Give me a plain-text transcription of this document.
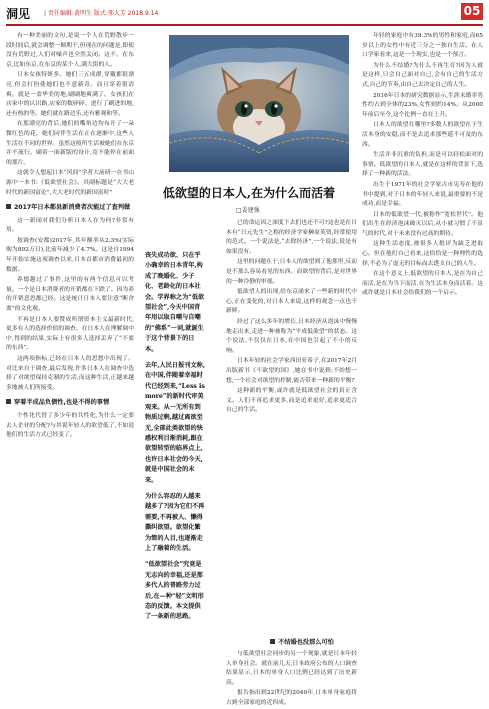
洞见 | 责任编辑:黄明生 版式:邢大芳 2018.9.14	05

有一种美丽的文句,是说一个人在荒野散步一段时间后,就会调整一顺期不,但现在的问题是,即使没有荒野过,人们对噪声也全然关闭。这不。在东京,比如东京,在东京的某个人,满大街的人。

日本女孩特妍多。她们三五成群,穿戴都很漂亮,但会打扮使她们也不意新奇。而且穿着很清爽。就是一盖华美的地,刷刷地爽满了。女孩们在店家中的认识路,店家的数碎碎。进行了刷进的地,还有热的等。她们就在路边乐,还有雅观和等。

在那漂亮的背后,她们的嘴角边均布开了一朵微红色的花。她们同伴生活在正在逐渐中,这些人生活在不同的世界。虽然这般所生活被她们在东京并不流行。刷着一面新版的设计,竟不能停在前面的那片。

这就令人想起日本“风间”学者大前研一在书山源中一本书:《低欲望社会》。其副标题是“大大老时代的新国富论”,大大老时代的新国富时”

2017年日本都县新消费者次能过了查判做

这一新闻对我们分析日本人在为何?非常有用。

按调查(安都)2017年,其年额率从2.3%(实际购为892万日),比前年减少了4.7%。这是自1994年开始实施这项调查以来,日本首都市消费最初的数据。

养德越过了事件,这里的有两个信息可以考量。一个是日本消费者的开销都在下跌了。因为养的开销意思都已经。这是统计日本人要注意“断舍离”的文化观。

不再是日本人要赞成所谓资本主义最新时代,更多有人的选择价值的调查、在日本人在理解调中中,得到的结果,实际上有很多人选择丢弃了“不要的东西”。

这两项指标,已经在日本人的思想中出现了。对比来自于调查,最后发现,许多日本人在调查中选择了对欲望保持克制的生活,而这种生活,正越来越多地被人们所接受。

穿着半成品负债性,也是不得的事情

个性化代替了多少年的共性化,为什么一定要去人企业的分配?与其说年轻人的欲望低了,不如说他们的生活方式已经变了。

低欲望的日本人,在为什么而活着
□姜建强

丧失成功欲、只在乎小确幸的日本青年,构成了晚婚化、少子化、老龄化的日本社会。学界称之为“低欲望社会”,今天中国青年用以取自嘲与自嘲的“佛系”一词,就诞生于这个背景下的日本。

去年,人民日报刊文称,在中国,伴随着幸福时代已经到来,“Less is more”的新时代审美观来。从一无所有到物质过剩,越过离欲至无,全部此类欲望的快感权利目渐消耗,跟在欲望转型的临界点上,也许日本社会的今天,就是中国社会的未来。

为什么容忍的人越来越多了?因为它们不再需要,不再被人、懒得撕纠欲望。欲望化繁为简的人目,也逐渐走上了融着的生活。

“低欲望社会”究竟是无志向的幸福,还是那多代人的普路劳力过后,在—种“轻”文明形态的反馈。本文提供了一条新的思路。

已的命运因之深度下去们也还不可?这也是在日本有“日元先生”之称的经济学家榊原英资,经常使用的范式。一个说法是,“去除经济”,一个说法,说是有如果没有。

这里的问题在于,日本人的欲望到了他那里,反而是不那么容易看见的东西。而欲望的背后,是对世界的一种冷静的审视。

低欲望人的出现,给东京涌来了一些新的时代中心,正在变化的,对日本人来说,这样的观念一点也不新鲜。

经过了这么多年的增长,日本经济从泡沫中慢慢地走出来,走进一种被称为“平成低欲望”的状态。这个说法,不仅仅在日本,在中国也引起了不小的反响。

日本年轻的社会学家西田亚希子,在2017年2月出版新书《不欲望的国》,她在书中说到:不妨想一想,一个社会对欲望的控制,能否带来一种新的平衡?

这种新的平衡,或许就是低欲望社会的真正含义。人们不再追求更多,而是追求更好,追求更适合自己的生活。

不结婚也没那么可怕

与低欲望社会同步的另一个现象,就是日本年轻人单身社会。就在前几天,日本政府公布的人口调查结果显示,日本的单身人口比例已经达到了历史新高。

报告指出到22世纪的2040年,日本单身家庭将占到全部家庭的近四成。

年轻的家庭中有39.3%的男性和家庭,而65岁以上的女性中有近三分之一独自生活。在人口学家看来,这是一个现实,也是一个预言。

为什么不结婚?为什么不再生育?因为人就是这样,只会自己面对自己,会有自己的生活方式,自己的节奏,由自己去决定自己的人生。

2016年日本的研究数据显示,生涯未婚率男性约占到全体的23%,女性则约14%。从2000年前后至今,这个比例一直在上升。

日本人的欲望在哪里?多数人的欲望在于生活本身的安稳,而不是去追求那些遥不可及的东西。

生活并非沉重的负担,而是可以轻松面对的事情。低欲望的日本人,就是在这样的背景下,选择了一种新的活法。

出生于1971年的社会学家古市宪寿在他的书中提到,对于日本的年轻人来说,最重要的不是成功,而是幸福。

日本的低欲望一代,被称作“宽松世代”。他们出生在经济泡沫破灭以后,从小就习惯了不景气的时代,对于未来没有过高的期待。

这种生活态度,被很多人批评为缺乏进取心。但在他们自己看来,这恰恰是一种理性的选择,不必为了虚无的目标而去透支自己的人生。

在这个意义上,低欲望的日本人,是在为自己而活,是在为当下而活,在为生活本身而活着。这或许就是日本社会给我们的一个启示。
